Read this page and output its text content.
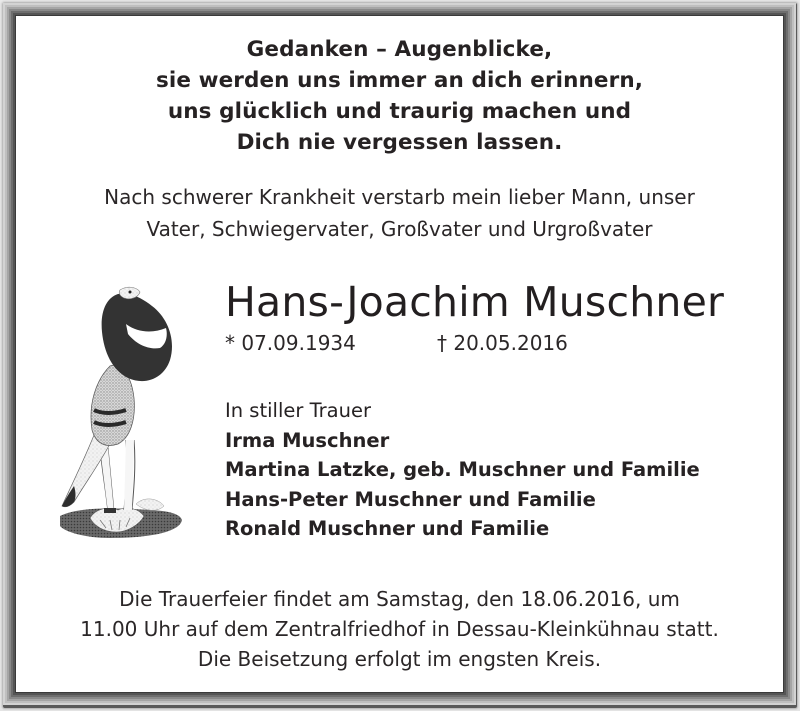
Gedanken – Augenblicke,
sie werden uns immer an dich erinnern,
uns glücklich und traurig machen und
Dich nie vergessen lassen.
Nach schwerer Krankheit verstarb mein lieber Mann, unser
Vater, Schwiegervater, Großvater und Urgroßvater
Hans-Joachim Muschner
* 07.09.1934	† 20.05.2016
In stiller Trauer
Irma Muschner
Martina Latzke, geb. Muschner und Familie
Hans-Peter Muschner und Familie
Ronald Muschner und Familie
Die Trauerfeier findet am Samstag, den 18.06.2016, um
11.00 Uhr auf dem Zentralfriedhof in Dessau-Kleinkühnau statt.
Die Beisetzung erfolgt im engsten Kreis.
